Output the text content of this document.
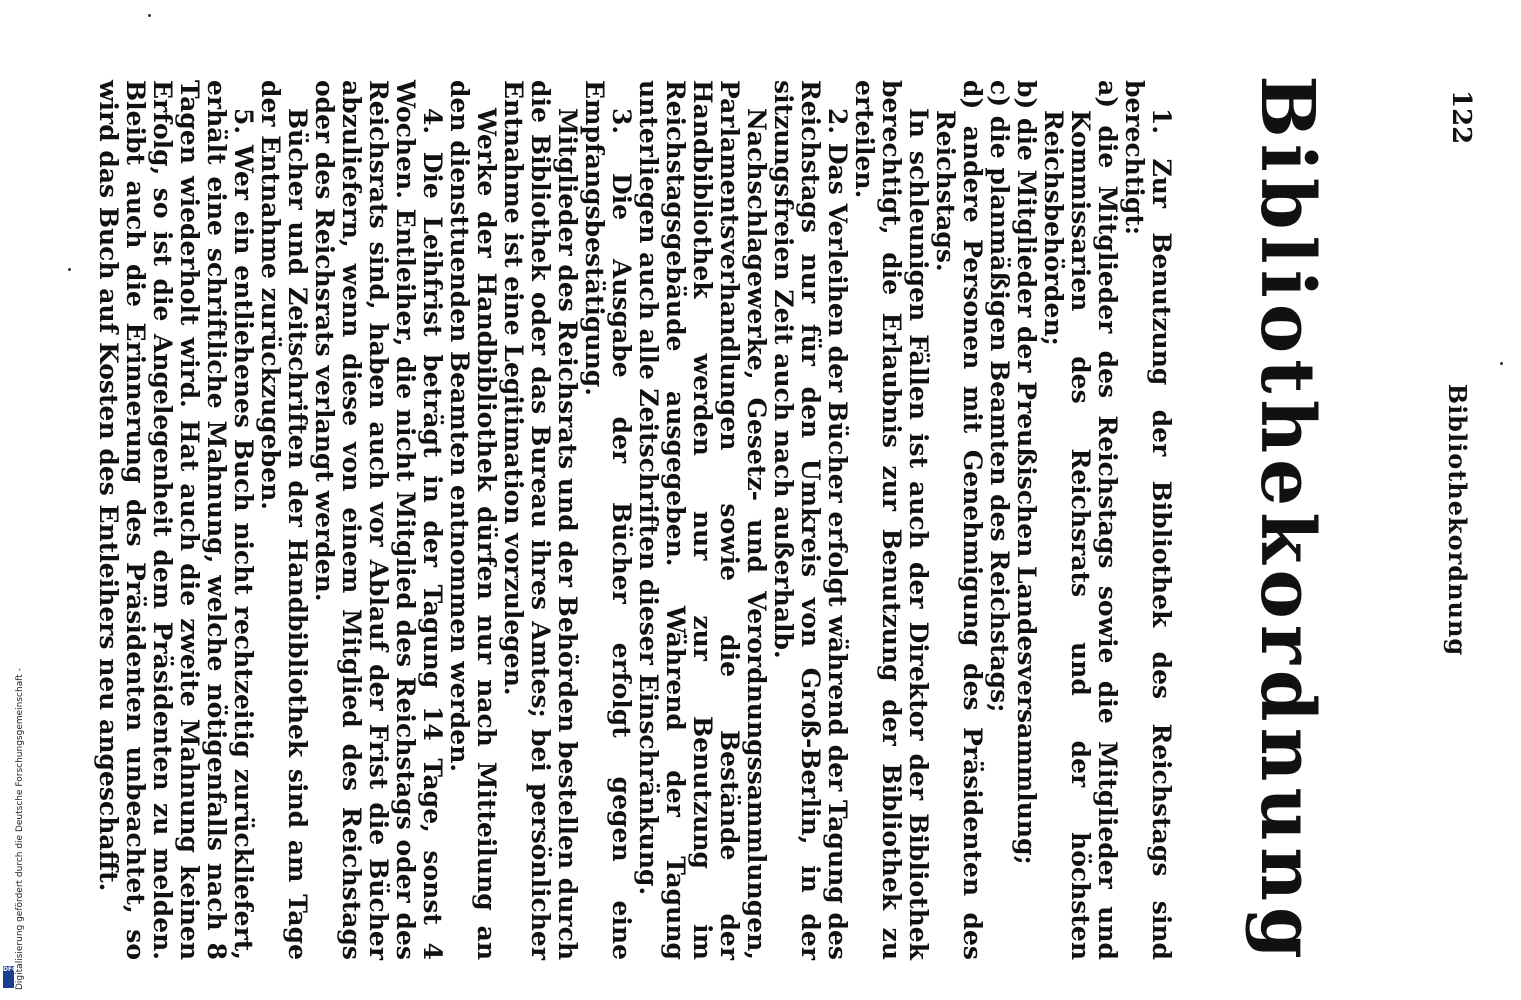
Digitalisierung gefördert durch die Deutsche Forschungsgemeinschaft -
DFG
122
Bibliothekordnung
Bibliothekordnung

1. Zur Benutzung der Bibliothek des Reichstags sind berechtigt:

a) die Mitglieder des Reichstags sowie die Mitglieder und Kommissarien des Reichsrats und der höchsten Reichsbehörden;
b) die Mitglieder der Preußischen Landesversammlung;
c) die planmäßigen Beamten des Reichstags;
d) andere Personen mit Genehmigung des Präsidenten des Reichstags.

In schleunigen Fällen ist auch der Direktor der Bibliothek berechtigt, die Erlaubnis zur Benutzung der Bibliothek zu erteilen.

2. Das Verleihen der Bücher erfolgt während der Tagung des Reichstags nur für den Umkreis von Groß-Berlin, in der sitzungsfreien Zeit auch nach außerhalb.

Nachschlagewerke, Gesetz- und Verordnungssammlungen, Parlamentsverhandlungen sowie die Bestände der Handbibliothek werden nur zur Benutzung im Reichstagsgebäude ausgegeben. Während der Tagung unterliegen auch alle Zeitschriften dieser Einschränkung.

3. Die Ausgabe der Bücher erfolgt gegen eine Empfangsbestätigung.

Mitglieder des Reichsrats und der Behörden bestellen durch die Bibliothek oder das Bureau ihres Amtes; bei persönlicher Entnahme ist eine Legitimation vorzulegen.

Werke der Handbibliothek dürfen nur nach Mitteilung an den diensttuenden Beamten entnommen werden.

4. Die Leihfrist beträgt in der Tagung 14 Tage, sonst 4 Wochen. Entleiher, die nicht Mitglied des Reichstags oder des Reichsrats sind, haben auch vor Ablauf der Frist die Bücher abzuliefern, wenn diese von einem Mitglied des Reichstags oder des Reichsrats verlangt werden.

Bücher und Zeitschriften der Handbibliothek sind am Tage der Entnahme zurückzugeben.

5. Wer ein entliehenes Buch nicht rechtzeitig zurückliefert, erhält eine schriftliche Mahnung, welche nötigenfalls nach 8 Tagen wiederholt wird. Hat auch die zweite Mahnung keinen Erfolg, so ist die Angelegenheit dem Präsidenten zu melden. Bleibt auch die Erinnerung des Präsidenten unbeachtet, so wird das Buch auf Kosten des Entleihers neu angeschafft.
